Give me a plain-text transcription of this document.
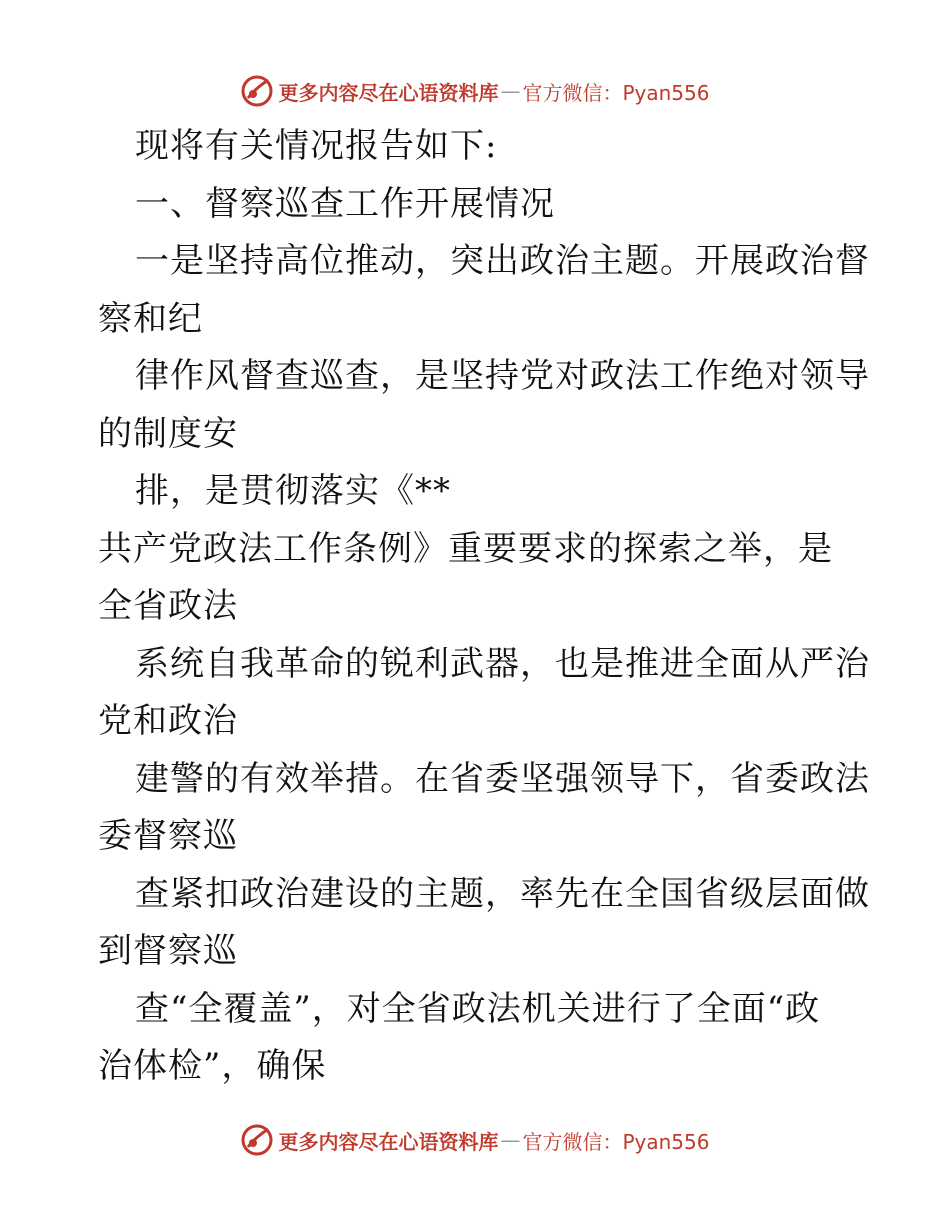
更多内容尽在心语资料库 — 官方微信：Pyan556
现将有关情况报告如下:
一、督察巡查工作开展情况
一是坚持高位推动，突出政治主题。开展政治督
察和纪
律作风督查巡查，是坚持党对政法工作绝对领导
的制度安
排，是贯彻落实《**
共产党政法工作条例》重要要求的探索之举，是
全省政法
系统自我革命的锐利武器，也是推进全面从严治
党和政治
建警的有效举措。在省委坚强领导下，省委政法
委督察巡
查紧扣政治建设的主题，率先在全国省级层面做
到督察巡
查“全覆盖”，对全省政法机关进行了全面“政
治体检”，确保
更多内容尽在心语资料库 — 官方微信：Pyan556
